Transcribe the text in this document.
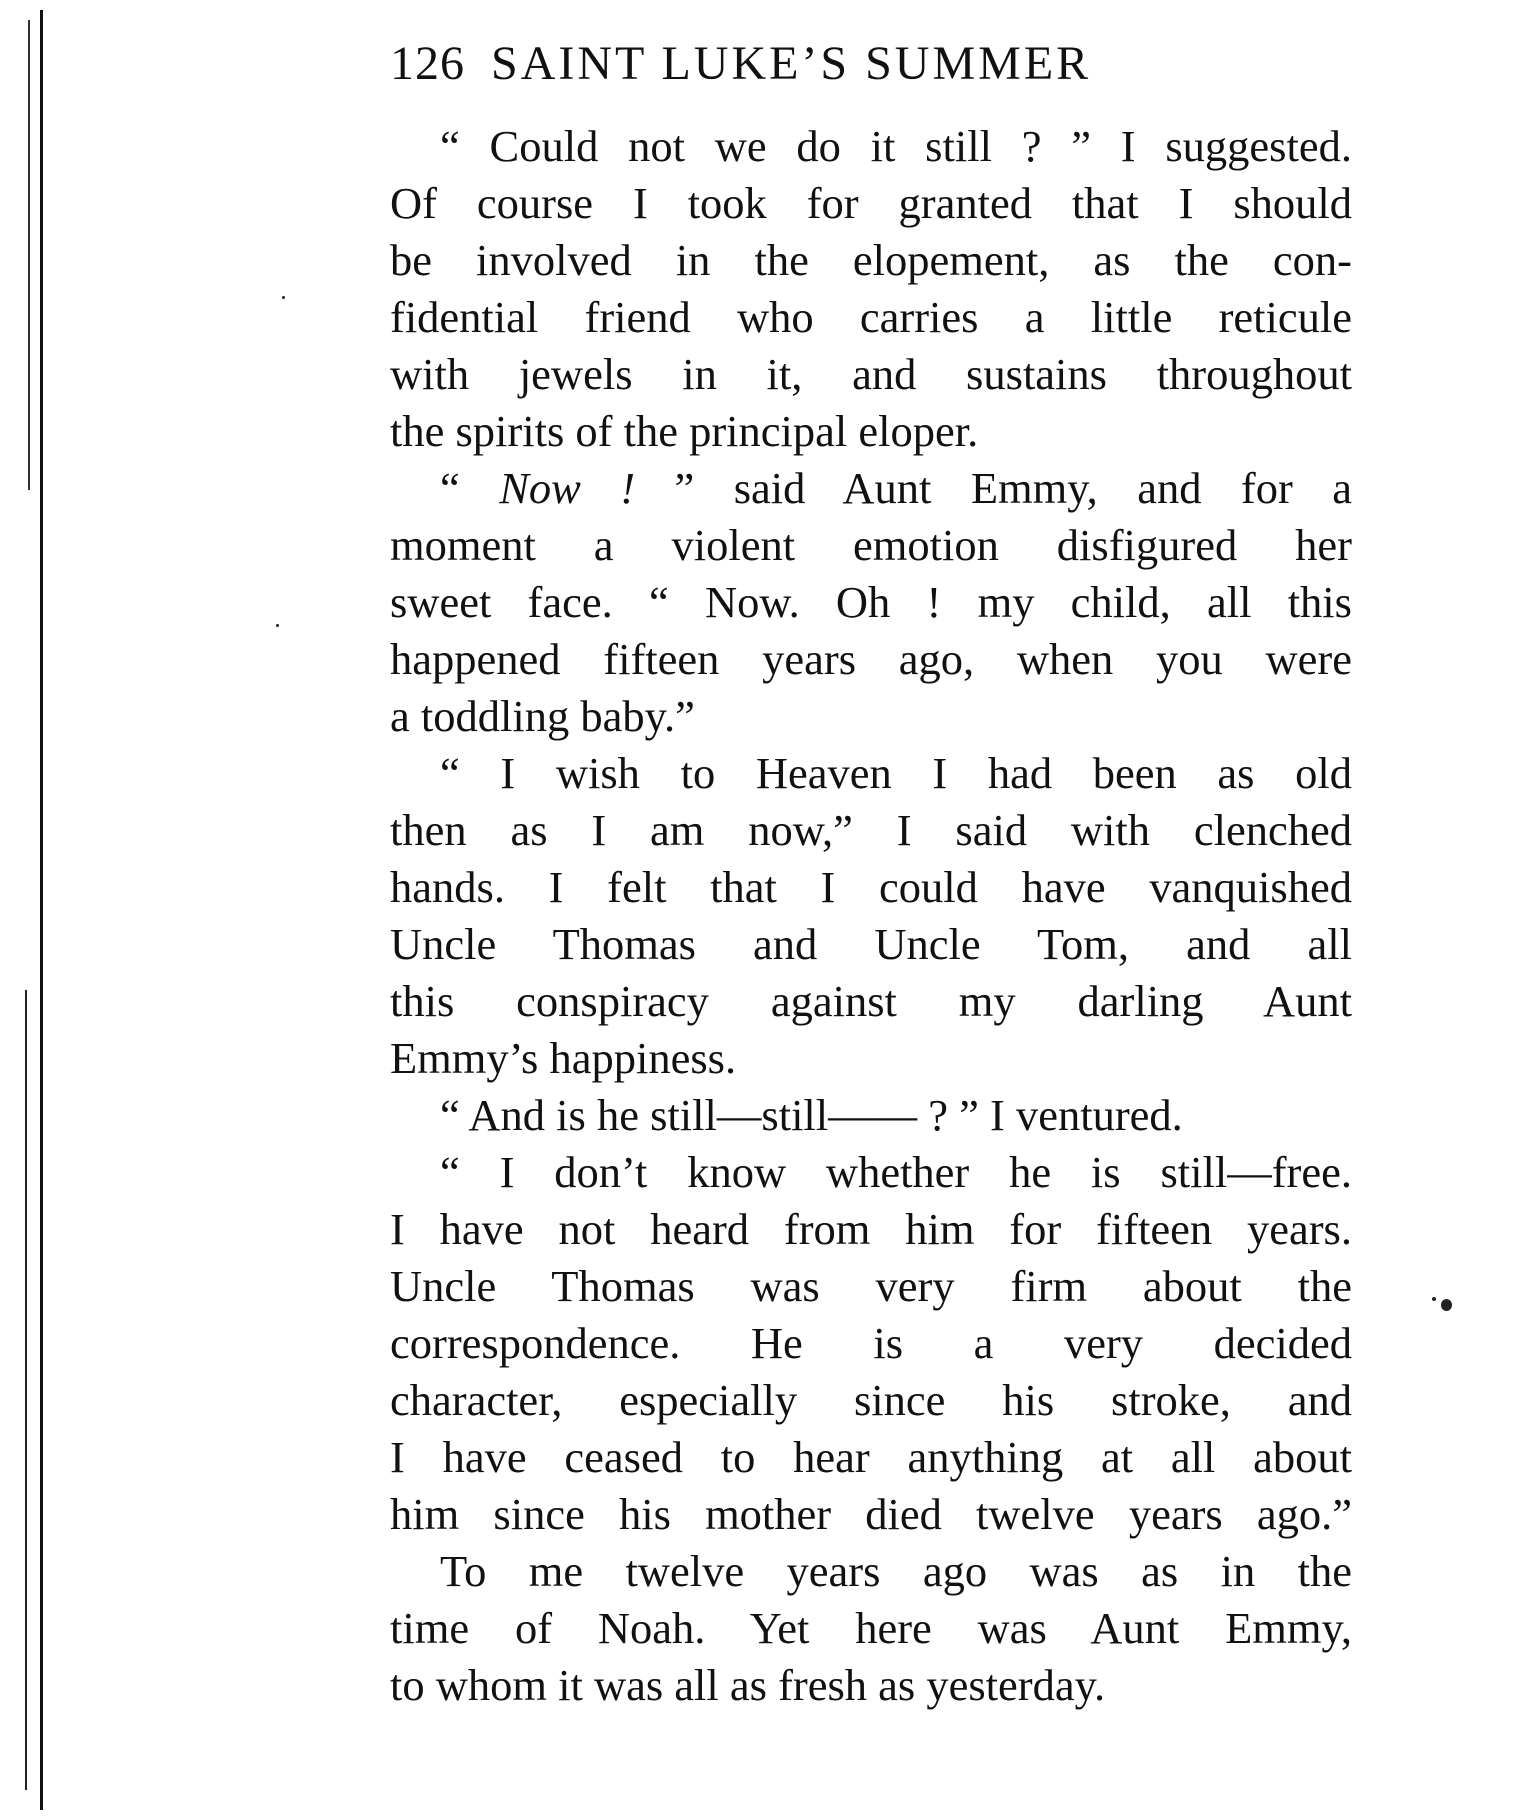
126 SAINT LUKE’S SUMMER
“ Could not we do it still ? ” I suggested.
Of course I took for granted that I should
be involved in the elopement, as the con-
fidential friend who carries a little reticule
with jewels in it, and sustains throughout
the spirits of the principal eloper.
“ Now ! ” said Aunt Emmy, and for a
moment a violent emotion disfigured her
sweet face. “ Now. Oh ! my child, all this
happened fifteen years ago, when you were
a toddling baby.”
“ I wish to Heaven I had been as old
then as I am now,” I said with clenched
hands. I felt that I could have vanquished
Uncle Thomas and Uncle Tom, and all
this conspiracy against my darling Aunt
Emmy’s happiness.
“ And is he still—still—— ? ” I ventured.
“ I don’t know whether he is still—free.
I have not heard from him for fifteen years.
Uncle Thomas was very firm about the
correspondence. He is a very decided
character, especially since his stroke, and
I have ceased to hear anything at all about
him since his mother died twelve years ago.”
To me twelve years ago was as in the
time of Noah. Yet here was Aunt Emmy,
to whom it was all as fresh as yesterday.
